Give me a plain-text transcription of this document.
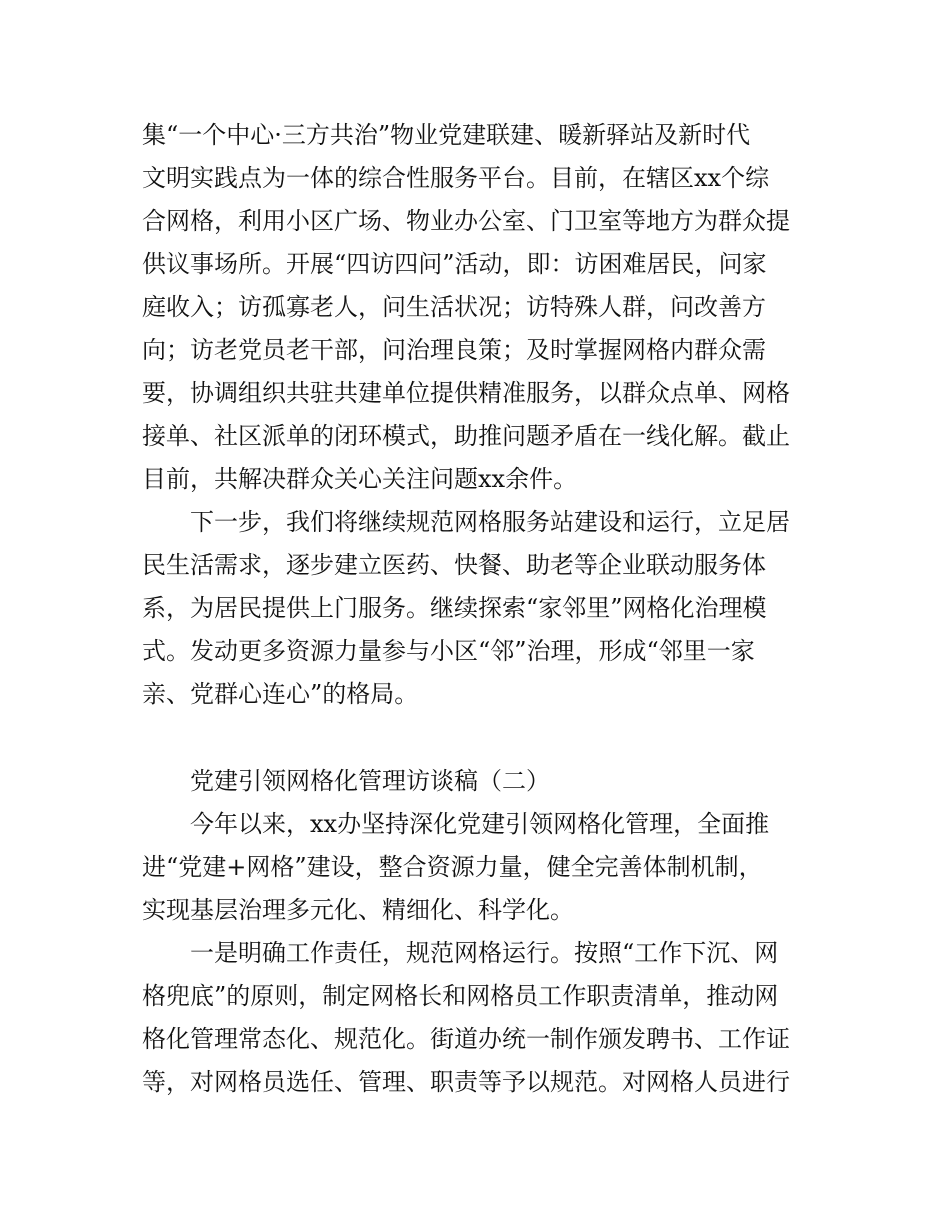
集“一个中心·三方共治”物业党建联建、暖新驿站及新时代

文明实践点为一体的综合性服务平台。目前，在辖区xx个综

合网格，利用小区广场、物业办公室、门卫室等地方为群众提

供议事场所。开展“四访四问”活动，即：访困难居民，问家

庭收入；访孤寡老人，问生活状况；访特殊人群，问改善方

向；访老党员老干部，问治理良策；及时掌握网格内群众需

要，协调组织共驻共建单位提供精准服务，以群众点单、网格

接单、社区派单的闭环模式，助推问题矛盾在一线化解。截止

目前，共解决群众关心关注问题xx余件。

下一步，我们将继续规范网格服务站建设和运行，立足居

民生活需求，逐步建立医药、快餐、助老等企业联动服务体

系，为居民提供上门服务。继续探索“家邻里”网格化治理模

式。发动更多资源力量参与小区“邻”治理，形成“邻里一家

亲、党群心连心”的格局。

党建引领网格化管理访谈稿（二）

今年以来，xx办坚持深化党建引领网格化管理，全面推

进“党建+网格”建设，整合资源力量，健全完善体制机制，

实现基层治理多元化、精细化、科学化。

一是明确工作责任，规范网格运行。按照“工作下沉、网

格兜底”的原则，制定网格长和网格员工作职责清单，推动网

格化管理常态化、规范化。街道办统一制作颁发聘书、工作证

等，对网格员选任、管理、职责等予以规范。对网格人员进行
